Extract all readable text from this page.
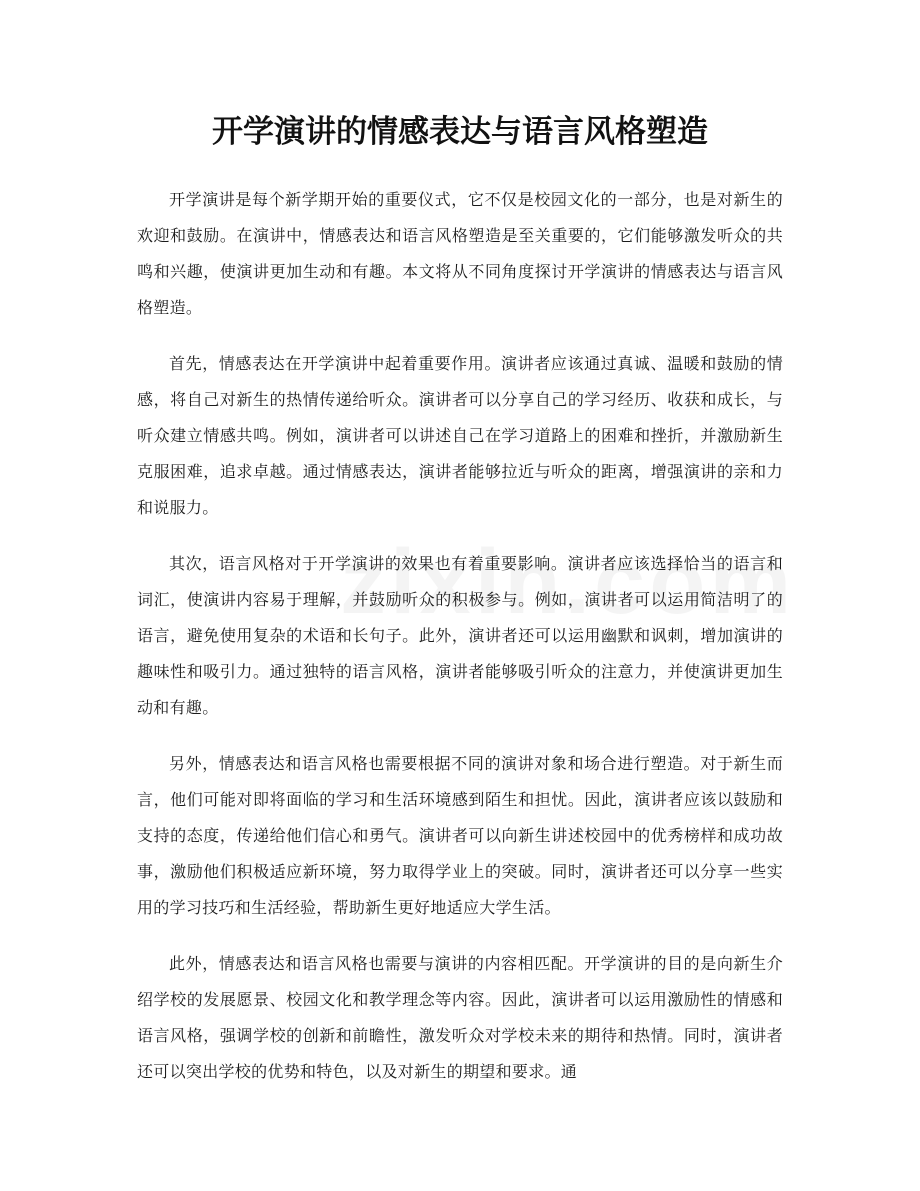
开学演讲的情感表达与语言风格塑造

开学演讲是每个新学期开始的重要仪式，它不仅是校园文化的一部分，也是对新生的欢迎和鼓励。在演讲中，情感表达和语言风格塑造是至关重要的，它们能够激发听众的共鸣和兴趣，使演讲更加生动和有趣。本文将从不同角度探讨开学演讲的情感表达与语言风格塑造。

首先，情感表达在开学演讲中起着重要作用。演讲者应该通过真诚、温暖和鼓励的情感，将自己对新生的热情传递给听众。演讲者可以分享自己的学习经历、收获和成长，与听众建立情感共鸣。例如，演讲者可以讲述自己在学习道路上的困难和挫折，并激励新生克服困难，追求卓越。通过情感表达，演讲者能够拉近与听众的距离，增强演讲的亲和力和说服力。

其次，语言风格对于开学演讲的效果也有着重要影响。演讲者应该选择恰当的语言和词汇，使演讲内容易于理解，并鼓励听众的积极参与。例如，演讲者可以运用简洁明了的语言，避免使用复杂的术语和长句子。此外，演讲者还可以运用幽默和讽刺，增加演讲的趣味性和吸引力。通过独特的语言风格，演讲者能够吸引听众的注意力，并使演讲更加生动和有趣。

另外，情感表达和语言风格也需要根据不同的演讲对象和场合进行塑造。对于新生而言，他们可能对即将面临的学习和生活环境感到陌生和担忧。因此，演讲者应该以鼓励和支持的态度，传递给他们信心和勇气。演讲者可以向新生讲述校园中的优秀榜样和成功故事，激励他们积极适应新环境，努力取得学业上的突破。同时，演讲者还可以分享一些实用的学习技巧和生活经验，帮助新生更好地适应大学生活。

此外，情感表达和语言风格也需要与演讲的内容相匹配。开学演讲的目的是向新生介绍学校的发展愿景、校园文化和教学理念等内容。因此，演讲者可以运用激励性的情感和语言风格，强调学校的创新和前瞻性，激发听众对学校未来的期待和热情。同时，演讲者还可以突出学校的优势和特色，以及对新生的期望和要求。通
